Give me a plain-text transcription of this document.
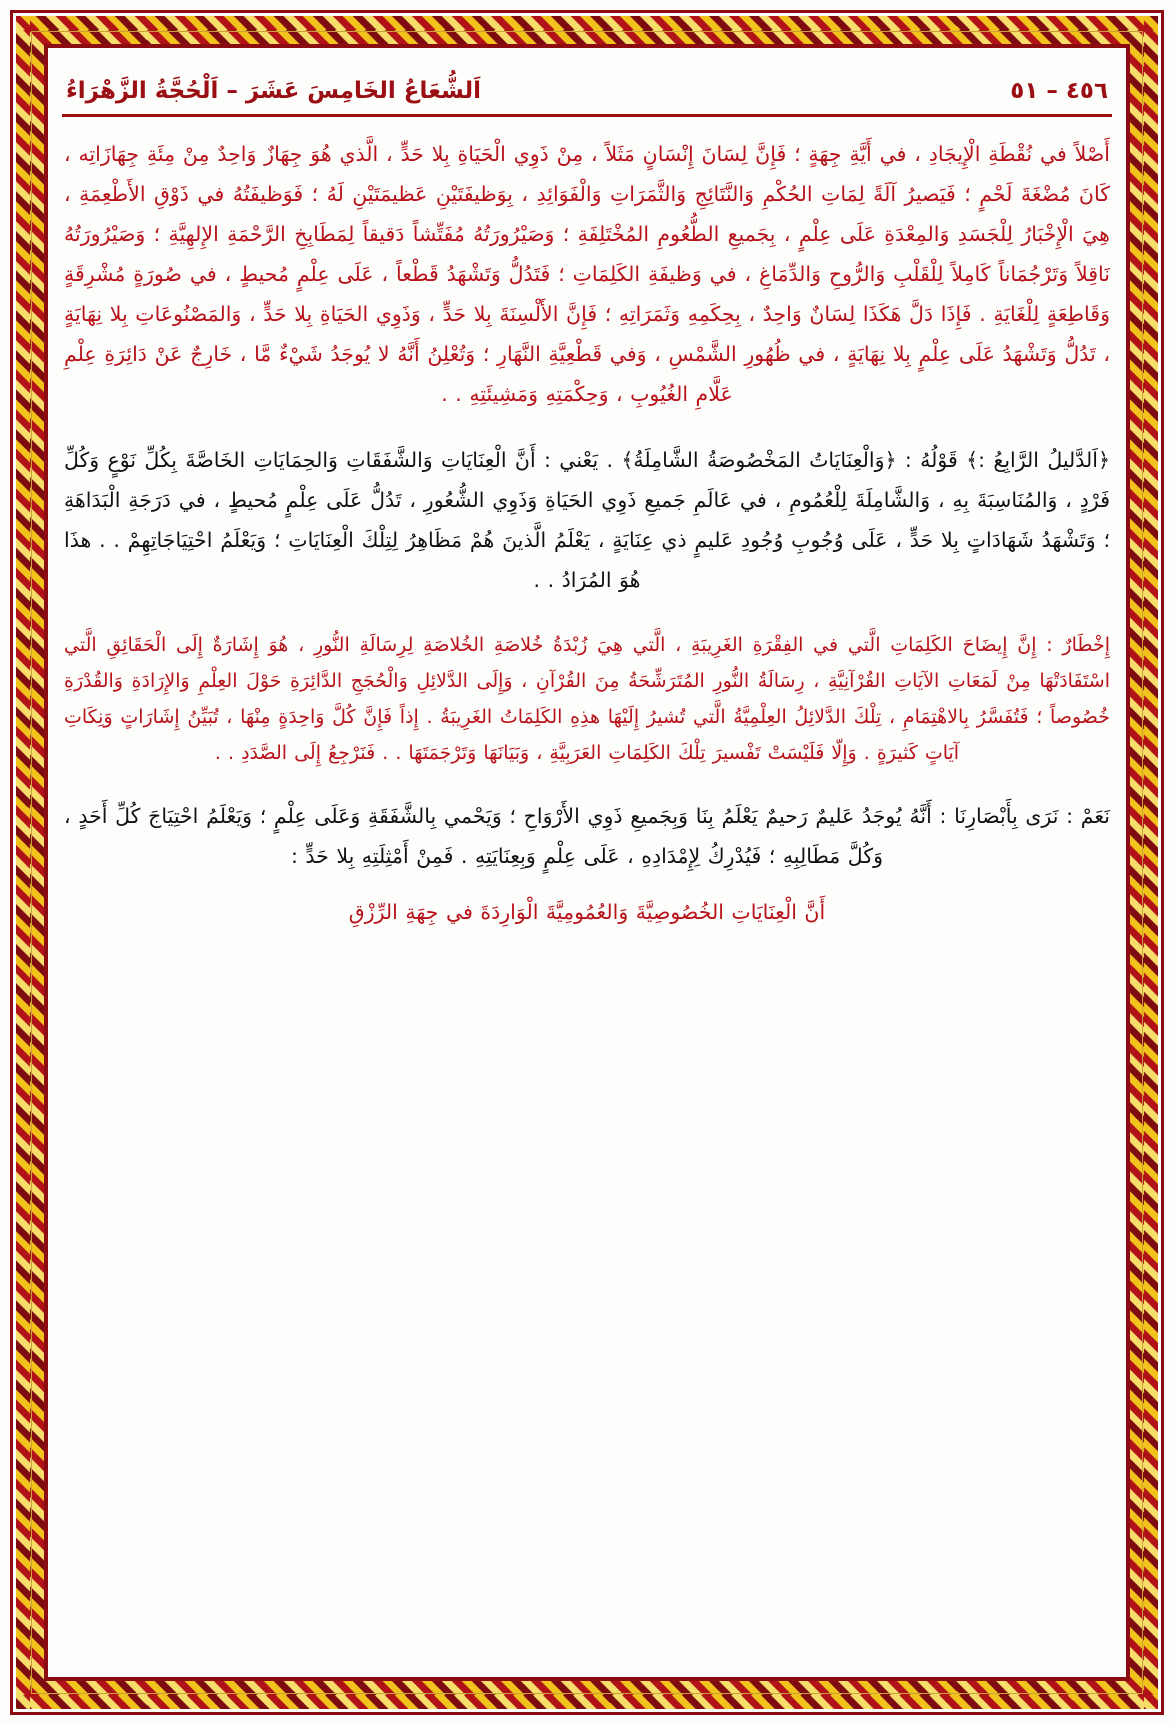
٤٥٦ – ٥١
اَلشُّعَاعُ الخَامِسَ عَشَرَ – اَلْحُجَّةُ الزَّهْرَاءُ

أَصْلاً في نُقْطَةِ الْإِيجَادِ ، في أَيَّةِ جِهَةٍ ؛ فَإِنَّ لِسَانَ إِنْسَانٍ مَثَلاً ، مِنْ ذَوِي الْحَيَاةِ بِلا حَدٍّ ، الَّذي هُوَ جِهَازٌ وَاحِدٌ مِنْ مِئَةِ جِهَازَاتِه ، كَانَ مُضْغَةَ لَحْمٍ ؛ فَيَصيرُ آلَةً لِمَاتِ الحُكْمِ وَالنَّتَائِجِ وَالثَّمَرَاتِ وَالْفَوَائِدِ ، بِوَظيفَتَيْنِ عَظيمَتَيْنِ لَهُ ؛ فَوَظيفَتُهُ في ذَوْقِ الأَطْعِمَةِ ، هِيَ الْإِخْبَارُ لِلْجَسَدِ وَالمِعْدَةِ عَلَى عِلْمٍ ، بِجَميعِ الطُّعُومِ المُخْتَلِفَةِ ؛ وَصَيْرُورَتُهُ مُفَتِّشاً دَقيقاً لِمَطَابِخِ الرَّحْمَةِ الإِلهِيَّةِ ؛ وَصَيْرُورَتُهُ نَاقِلاً وَتَرْجُمَاناً كَامِلاً لِلْقَلْبِ وَالرُّوحِ وَالدِّمَاغِ ، في وَظيفَةِ الكَلِمَاتِ ؛ فَتَدُلُّ وَتَشْهَدُ قَطْعاً ، عَلَى عِلْمٍ مُحيطٍ ، في صُورَةٍ مُشْرِقَةٍ وَقَاطِعَةٍ لِلْغَايَةِ . فَإِذَا دَلَّ هَكَذَا لِسَانٌ وَاحِدٌ ، بِحِكَمِهِ وَثَمَرَاتِهِ ؛ فَإِنَّ الأَلْسِنَةَ بِلا حَدٍّ ، وَذَوِي الحَيَاةِ بِلا حَدٍّ ، وَالمَصْنُوعَاتِ بِلا نِهَايَةٍ ، تَدُلُّ وَتَشْهَدُ عَلَى عِلْمٍ بِلا نِهَايَةٍ ، في ظُهُورِ الشَّمْسِ ، وَفي قَطْعِيَّةِ النَّهَارِ ؛ وَتُعْلِنُ أَنَّهُ لا يُوجَدُ شَيْءٌ مَّا ، خَارِجٌ عَنْ دَائِرَةِ عِلْمِ عَلَّامِ الغُيُوبِ ، وَحِكْمَتِهِ وَمَشِيئَتِهِ . .

﴿اَلدَّليلُ الرَّابِعُ :﴾ قَوْلُهُ : ﴿وَالْعِنَايَاتُ المَخْصُوصَةُ الشَّامِلَةُ﴾ . يَعْني : أَنَّ الْعِنَايَاتِ وَالشَّفَقَاتِ وَالحِمَايَاتِ الخَاصَّةَ بِكُلِّ نَوْعٍ وَكُلِّ فَرْدٍ ، وَالمُنَاسِبَةَ بِهِ ، وَالشَّامِلَةَ لِلْعُمُومِ ، في عَالَمِ جَميعِ ذَوِي الحَيَاةِ وَذَوِي الشُّعُورِ ، تَدُلُّ عَلَى عِلْمٍ مُحيطٍ ، في دَرَجَةِ الْبَدَاهَةِ ؛ وَتَشْهَدُ شَهَادَاتٍ بِلا حَدٍّ ، عَلَى وُجُوبِ وُجُودِ عَليمٍ ذي عِنَايَةٍ ، يَعْلَمُ الَّذينَ هُمْ مَظَاهِرُ لِتِلْكَ الْعِنَايَاتِ ؛ وَيَعْلَمُ احْتِيَاجَاتِهِمْ . . هذَا هُوَ المُرَادُ . .

إِخْطَارٌ : إِنَّ إِيضَاحَ الكَلِمَاتِ الَّتي في الفِقْرَةِ الغَرِيبَةِ ، الَّتي هِيَ زُبْدَةُ خُلاصَةِ الخُلاصَةِ لِرِسَالَةِ النُّورِ ، هُوَ إِشَارَةٌ إِلَى الْحَقَائِقِ الَّتي اسْتَفَادَتْهَا مِنْ لَمَعَاتِ الآيَاتِ القُرْآنِيَّةِ ، رِسَالَةُ النُّورِ المُتَرَشِّحَةُ مِنَ القُرْآنِ ، وَإِلَى الدَّلائِلِ وَالْحُجَجِ الدَّائِرَةِ حَوْلَ العِلْمِ وَالإِرَادَةِ وَالقُدْرَةِ خُصُوصاً ؛ فَتُفَسَّرُ بِالاهْتِمَامِ ، تِلْكَ الدَّلائِلُ العِلْمِيَّةُ الَّتي تُشيرُ إِلَيْهَا هذِهِ الكَلِمَاتُ الغَرِيبَةُ . إِذاً فَإِنَّ كُلَّ وَاحِدَةٍ مِنْهَا ، تُبَيِّنُ إِشَارَاتٍ وَنِكَاتِ آيَاتٍ كَثيرَةٍ . وَإِلّا فَلَيْسَتْ تَفْسيرَ تِلْكَ الكَلِمَاتِ العَرَبِيَّةِ ، وَبَيَانَهَا وَتَرْجَمَتَهَا . . فَنَرْجِعُ إِلَى الصَّدَدِ . .

نَعَمْ : نَرَى بِأَبْصَارِنَا : أَنَّهُ يُوجَدُ عَليمٌ رَحيمٌ يَعْلَمُ بِنَا وَبِجَميعِ ذَوِي الأَرْوَاحِ ؛ وَيَحْمي بِالشَّفَقَةِ وَعَلَى عِلْمٍ ؛ وَيَعْلَمُ احْتِيَاجَ كُلِّ أَحَدٍ ، وَكُلَّ مَطَالِبِهِ ؛ فَيُدْرِكُ لِإِمْدَادِهِ ، عَلَى عِلْمٍ وَبِعِنَايَتِهِ . فَمِنْ أَمْثِلَتِهِ بِلا حَدٍّ :

أَنَّ الْعِنَايَاتِ الخُصُوصِيَّةَ وَالعُمُومِيَّةَ الْوَارِدَةَ في جِهَةِ الرِّزْقِ
